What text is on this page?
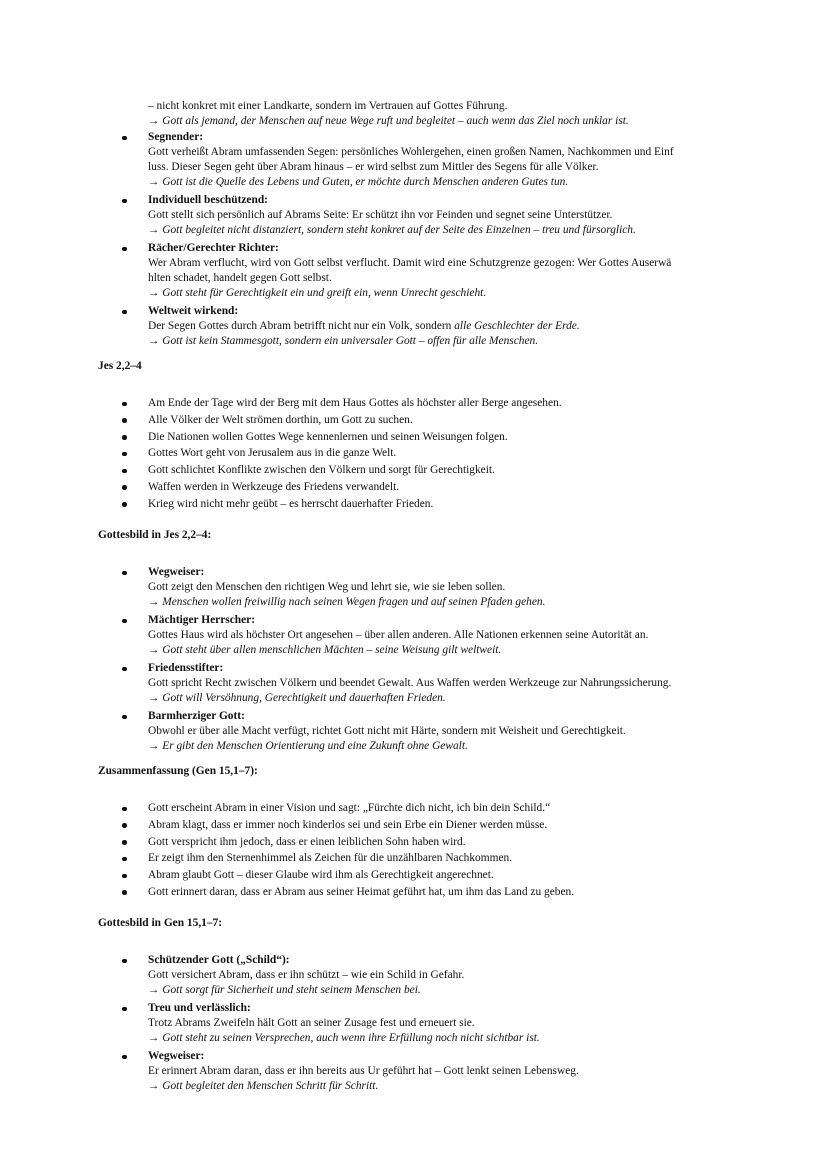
– nicht konkret mit einer Landkarte, sondern im Vertrauen auf Gottes Führung.
→ Gott als jemand, der Menschen auf neue Wege ruft und begleitet – auch wenn das Ziel noch unklar ist.
Segnender:
Gott verheißt Abram umfassenden Segen: persönliches Wohlergehen, einen großen Namen, Nachkommen und Einf
luss. Dieser Segen geht über Abram hinaus – er wird selbst zum Mittler des Segens für alle Völker.
→ Gott ist die Quelle des Lebens und Guten, er möchte durch Menschen anderen Gutes tun.
Individuell beschützend:
Gott stellt sich persönlich auf Abrams Seite: Er schützt ihn vor Feinden und segnet seine Unterstützer.
→ Gott begleitet nicht distanziert, sondern steht konkret auf der Seite des Einzelnen – treu und fürsorglich.
Rächer/Gerechter Richter:
Wer Abram verflucht, wird von Gott selbst verflucht. Damit wird eine Schutzgrenze gezogen: Wer Gottes Auserwä
hlten schadet, handelt gegen Gott selbst.
→ Gott steht für Gerechtigkeit ein und greift ein, wenn Unrecht geschieht.
Weltweit wirkend:
Der Segen Gottes durch Abram betrifft nicht nur ein Volk, sondern alle Geschlechter der Erde.
→ Gott ist kein Stammesgott, sondern ein universaler Gott – offen für alle Menschen.
Jes 2,2–4
Am Ende der Tage wird der Berg mit dem Haus Gottes als höchster aller Berge angesehen.
Alle Völker der Welt strömen dorthin, um Gott zu suchen.
Die Nationen wollen Gottes Wege kennenlernen und seinen Weisungen folgen.
Gottes Wort geht von Jerusalem aus in die ganze Welt.
Gott schlichtet Konflikte zwischen den Völkern und sorgt für Gerechtigkeit.
Waffen werden in Werkzeuge des Friedens verwandelt.
Krieg wird nicht mehr geübt – es herrscht dauerhafter Frieden.
Gottesbild in Jes 2,2–4:
Wegweiser:
Gott zeigt den Menschen den richtigen Weg und lehrt sie, wie sie leben sollen.
→ Menschen wollen freiwillig nach seinen Wegen fragen und auf seinen Pfaden gehen.
Mächtiger Herrscher:
Gottes Haus wird als höchster Ort angesehen – über allen anderen. Alle Nationen erkennen seine Autorität an.
→ Gott steht über allen menschlichen Mächten – seine Weisung gilt weltweit.
Friedensstifter:
Gott spricht Recht zwischen Völkern und beendet Gewalt. Aus Waffen werden Werkzeuge zur Nahrungssicherung.
→ Gott will Versöhnung, Gerechtigkeit und dauerhaften Frieden.
Barmherziger Gott:
Obwohl er über alle Macht verfügt, richtet Gott nicht mit Härte, sondern mit Weisheit und Gerechtigkeit.
→ Er gibt den Menschen Orientierung und eine Zukunft ohne Gewalt.
Zusammenfassung (Gen 15,1–7):
Gott erscheint Abram in einer Vision und sagt: „Fürchte dich nicht, ich bin dein Schild.“
Abram klagt, dass er immer noch kinderlos sei und sein Erbe ein Diener werden müsse.
Gott verspricht ihm jedoch, dass er einen leiblichen Sohn haben wird.
Er zeigt ihm den Sternenhimmel als Zeichen für die unzählbaren Nachkommen.
Abram glaubt Gott – dieser Glaube wird ihm als Gerechtigkeit angerechnet.
Gott erinnert daran, dass er Abram aus seiner Heimat geführt hat, um ihm das Land zu geben.
Gottesbild in Gen 15,1–7:
Schützender Gott („Schild“):
Gott versichert Abram, dass er ihn schützt – wie ein Schild in Gefahr.
→ Gott sorgt für Sicherheit und steht seinem Menschen bei.
Treu und verlässlich:
Trotz Abrams Zweifeln hält Gott an seiner Zusage fest und erneuert sie.
→ Gott steht zu seinen Versprechen, auch wenn ihre Erfüllung noch nicht sichtbar ist.
Wegweiser:
Er erinnert Abram daran, dass er ihn bereits aus Ur geführt hat – Gott lenkt seinen Lebensweg.
→ Gott begleitet den Menschen Schritt für Schritt.
